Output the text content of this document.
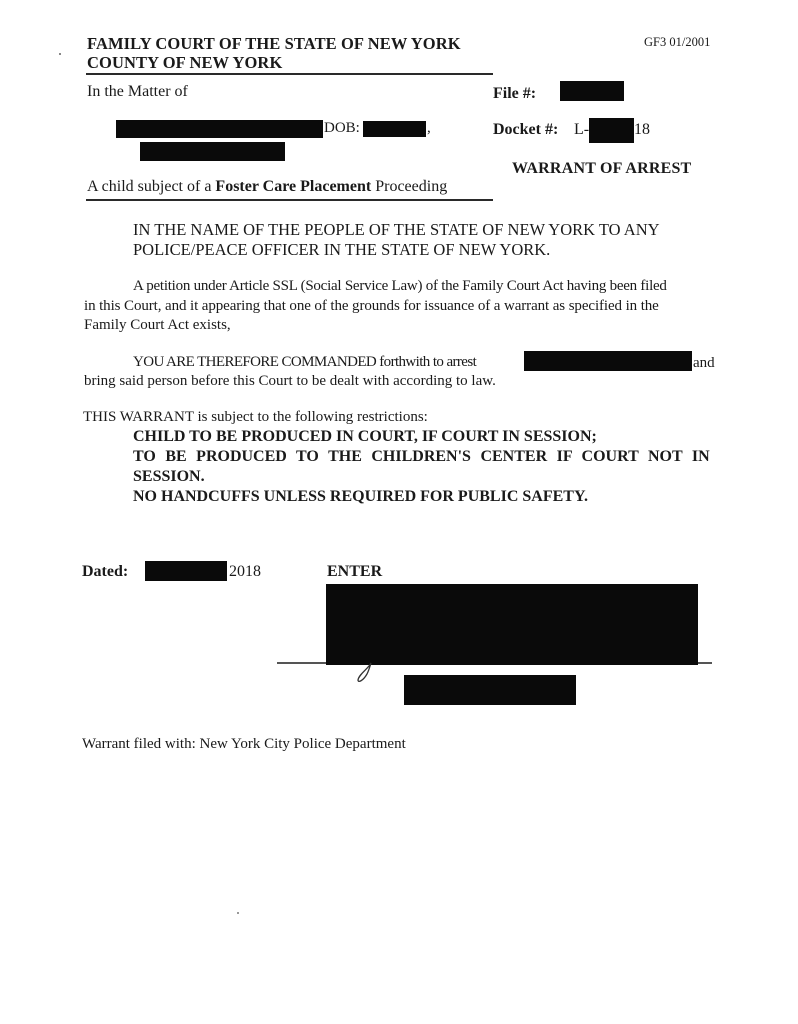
FAMILY COURT OF THE STATE OF NEW YORK
COUNTY OF NEW YORK
GF3 01/2001
In the Matter of
DOB:	,
A child subject of a Foster Care Placement Proceeding
File #:
Docket #: L-	18
WARRANT OF ARREST
IN THE NAME OF THE PEOPLE OF THE STATE OF NEW YORK TO ANY
POLICE/PEACE OFFICER IN THE STATE OF NEW YORK.
A petition under Article SSL (Social Service Law) of the Family Court Act having been filed
in this Court, and it appearing that one of the grounds for issuance of a warrant as specified in the
Family Court Act exists,
YOU ARE THEREFORE COMMANDED forthwith to arrest	and
bring said person before this Court to be dealt with according to law.
THIS WARRANT is subject to the following restrictions:
CHILD TO BE PRODUCED IN COURT, IF COURT IN SESSION;
TO BE PRODUCED TO THE CHILDREN'S CENTER IF COURT NOT IN
SESSION.
NO HANDCUFFS UNLESS REQUIRED FOR PUBLIC SAFETY.
Dated:	2018	ENTER
Warrant filed with: New York City Police Department
